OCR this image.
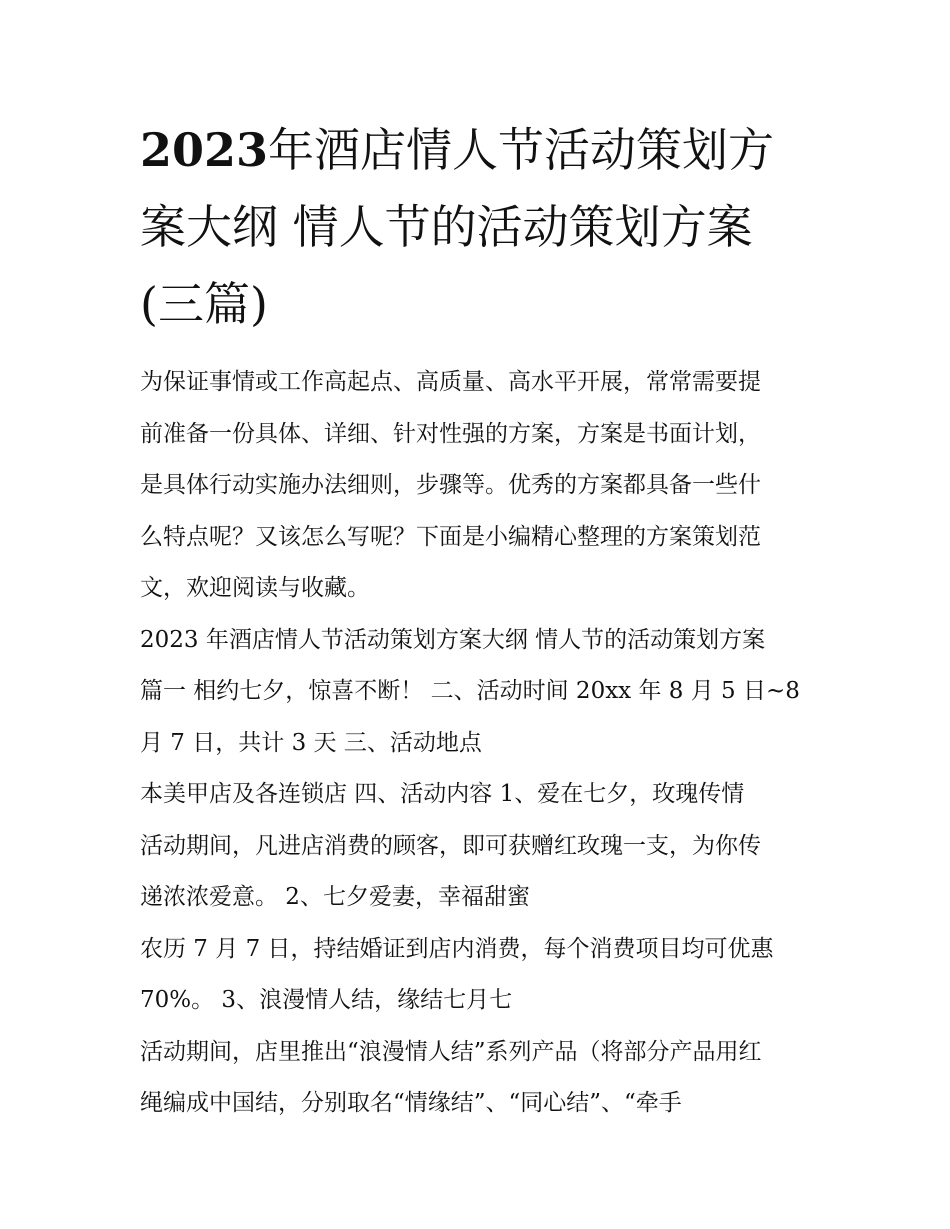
2023年酒店情人节活动策划方
案大纲 情人节的活动策划方案
(三篇)
为保证事情或工作高起点、高质量、高水平开展，常常需要提
前准备一份具体、详细、针对性强的方案，方案是书面计划，
是具体行动实施办法细则，步骤等。优秀的方案都具备一些什
么特点呢？又该怎么写呢？下面是小编精心整理的方案策划范
文，欢迎阅读与收藏。
2023 年酒店情人节活动策划方案大纲 情人节的活动策划方案
篇一 相约七夕，惊喜不断！ 二、活动时间 20xx 年 8 月 5 日~8
月 7 日，共计 3 天 三、活动地点
本美甲店及各连锁店 四、活动内容 1、爱在七夕，玫瑰传情
活动期间，凡进店消费的顾客，即可获赠红玫瑰一支，为你传
递浓浓爱意。 2、七夕爱妻，幸福甜蜜
农历 7 月 7 日，持结婚证到店内消费，每个消费项目均可优惠
70%。 3、浪漫情人结，缘结七月七
活动期间，店里推出“浪漫情人结”系列产品（将部分产品用红
绳编成中国结，分别取名“情缘结”、“同心结”、“牵手
